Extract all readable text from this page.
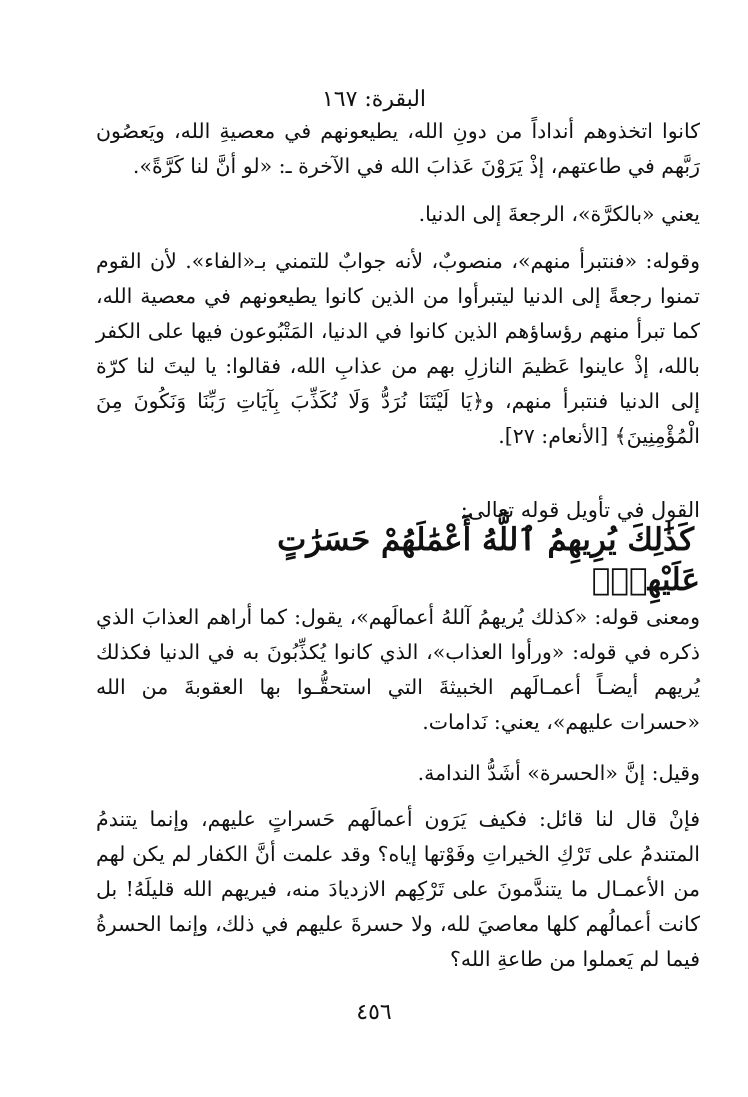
البقرة: ١٦٧
كانوا اتخذوهم أنداداً من دونِ الله، يطيعونهم في معصيةِ الله، ويَعصُون رَبَّهم في طاعتهم، إذْ يَرَوْنَ عَذابَ الله في الآخرة ـ: «لو أنَّ لنا كَرَّةً».
يعني «بالكرَّة»، الرجعةَ إلى الدنيا.
وقوله: «فنتبرأ منهم»، منصوبٌ، لأنه جوابٌ للتمني بـ«الفاء». لأن القوم تمنوا رجعةً إلى الدنيا ليتبرأوا من الذين كانوا يطيعونهم في معصية الله، كما تبرأ منهم رؤساؤهم الذين كانوا في الدنيا، المَتْبُوعون فيها على الكفر بالله، إذْ عاينوا عَظيمَ النازلِ بهم من عذابِ الله، فقالوا: يا ليتَ لنا كرّة إلى الدنيا فنتبرأ منهم، و﴿يَا لَيْتَنَا نُرَدُّ وَلَا نُكَذِّبَ بِآيَاتِ رَبِّنَا وَنَكُونَ مِنَ الْمُؤْمِنِينَ﴾ [الأنعام: ٢٧].
القول في تأويل قوله تعالى: كَذَٰلِكَ يُرِيهِمُ ٱللَّهُ أَعْمَٰلَهُمْ حَسَرَٰتٍ
عَلَيْهِمْۖ
ومعنى قوله: «كذلك يُريهمُ آللهُ أعمالَهم»، يقول: كما أراهم العذابَ الذي ذكره في قوله: «ورأوا العذاب»، الذي كانوا يُكذِّبُونَ به في الدنيا فكذلك يُريهم أيضـاً أعمـالَهم الخبيثةَ التي استحقُّـوا بها العقوبةَ من الله «حسرات عليهم»، يعني: نَدامات.
وقيل: إنَّ «الحسرة» أشَدُّ الندامة.
فإنْ قال لنا قائل: فكيف يَرَون أعمالَهم حَسراتٍ عليهم، وإنما يتندمُ المتندمُ على تَرْكِ الخيراتِ وفَوْتها إياه؟ وقد علمت أنَّ الكفار لم يكن لهم من الأعمـال ما يتندَّمونَ على تَرْكِهم الازديادَ منه، فيريهم الله قليلَهُ! بل كانت أعمالُهم كلها معاصيَ لله، ولا حسرةَ عليهم في ذلك، وإنما الحسرةُ فيما لم يَعملوا من طاعةِ الله؟
٤٥٦
